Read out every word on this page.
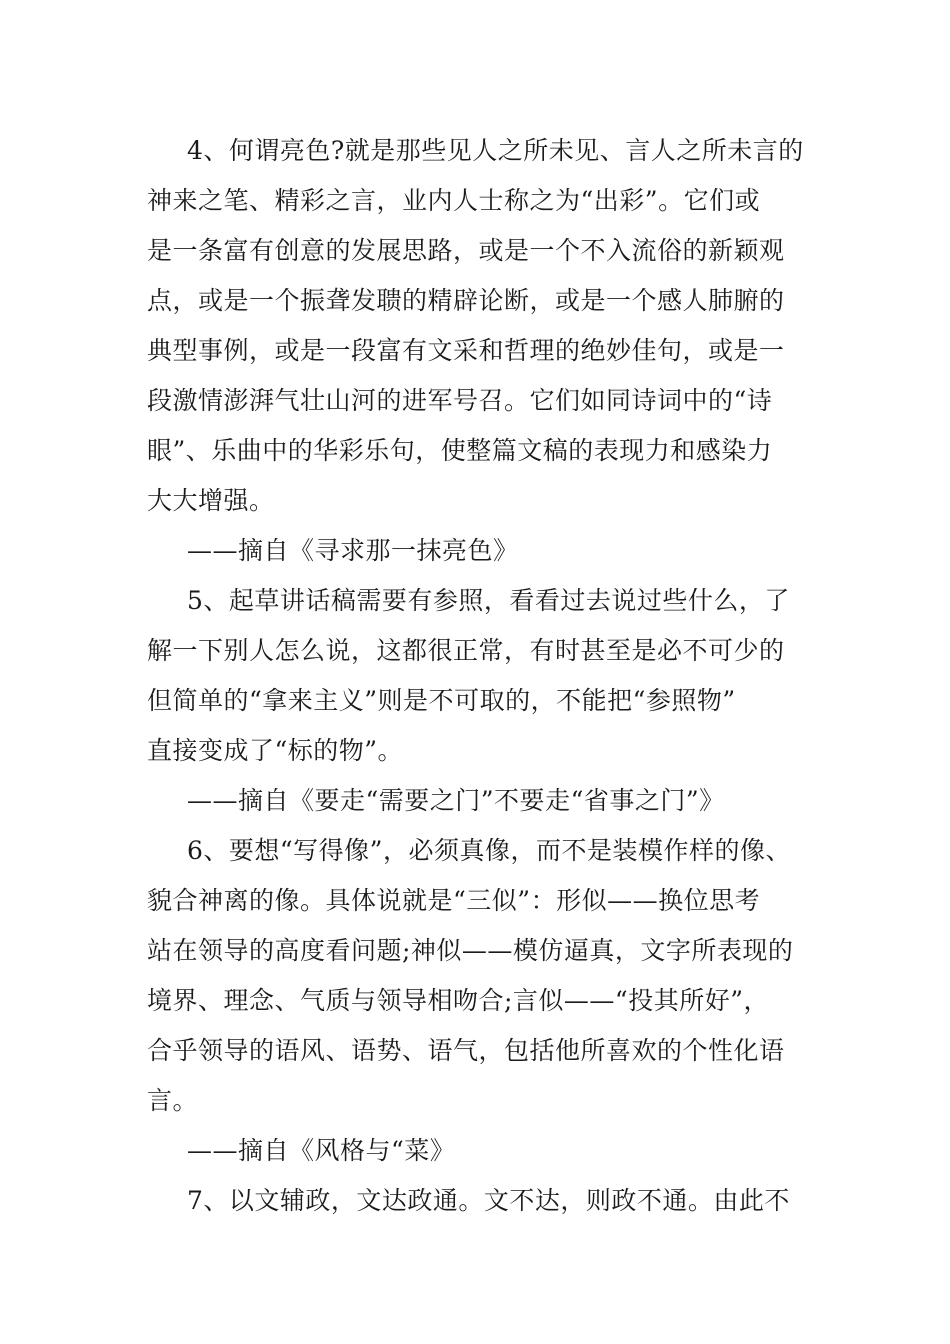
4、何谓亮色?就是那些见人之所未见、言人之所未言的
神来之笔、精彩之言，业内人士称之为“出彩”。它们或
是一条富有创意的发展思路，或是一个不入流俗的新颖观
点，或是一个振聋发聩的精辟论断，或是一个感人肺腑的
典型事例，或是一段富有文采和哲理的绝妙佳句，或是一
段激情澎湃气壮山河的进军号召。它们如同诗词中的“诗
眼”、乐曲中的华彩乐句，使整篇文稿的表现力和感染力
大大增强。
——摘自《寻求那一抹亮色》
5、起草讲话稿需要有参照，看看过去说过些什么，了
解一下别人怎么说，这都很正常，有时甚至是必不可少的
但简单的“拿来主义”则是不可取的，不能把“参照物”
直接变成了“标的物”。
——摘自《要走“需要之门”不要走“省事之门”》
6、要想“写得像”，必须真像，而不是装模作样的像、
貌合神离的像。具体说就是“三似”：形似——换位思考
站在领导的高度看问题;神似——模仿逼真，文字所表现的
境界、理念、气质与领导相吻合;言似——“投其所好”，
合乎领导的语风、语势、语气，包括他所喜欢的个性化语
言。
——摘自《风格与“菜》
7、以文辅政，文达政通。文不达，则政不通。由此不
